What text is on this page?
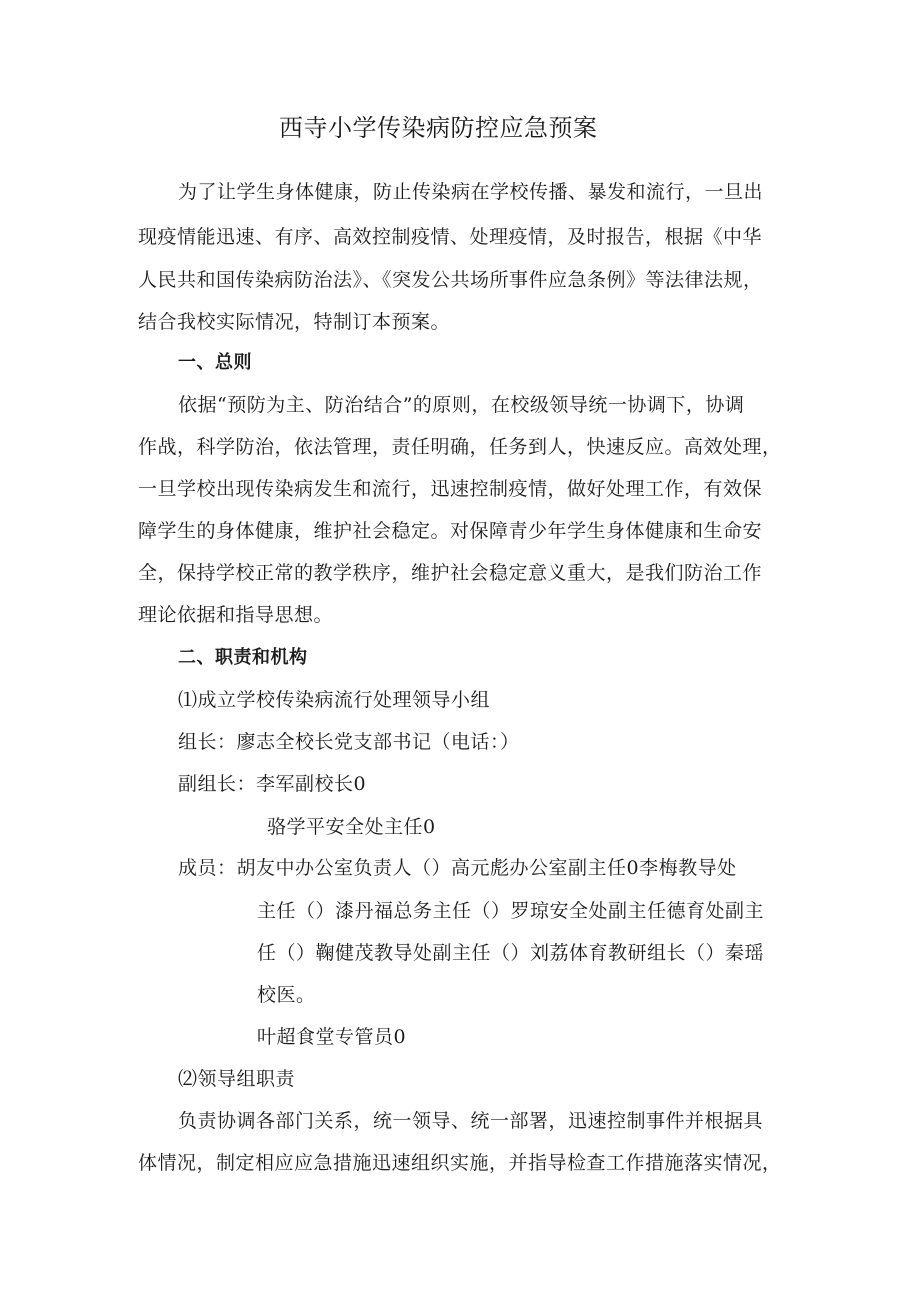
西寺小学传染病防控应急预案
为了让学生身体健康，防止传染病在学校传播、暴发和流行，一旦出
现疫情能迅速、有序、高效控制疫情、处理疫情，及时报告，根据《中华
人民共和国传染病防治法》、《突发公共场所事件应急条例》等法律法规，
结合我校实际情况，特制订本预案。
一、总则
依据“预防为主、防治结合”的原则，在校级领导统一协调下，协调
作战，科学防治，依法管理，责任明确，任务到人，快速反应。高效处理，
一旦学校出现传染病发生和流行，迅速控制疫情，做好处理工作，有效保
障学生的身体健康，维护社会稳定。对保障青少年学生身体健康和生命安
全，保持学校正常的教学秩序，维护社会稳定意义重大，是我们防治工作
理论依据和指导思想。
二、职责和机构
⑴成立学校传染病流行处理领导小组
组长：廖志全校长党支部书记（电话：）
副组长：李军副校长0
骆学平安全处主任0
成员：胡友中办公室负责人（）高元彪办公室副主任0李梅教导处
主任（）漆丹福总务主任（）罗琼安全处副主任德育处副主
任（）鞠健茂教导处副主任（）刘荔体育教研组长（）秦瑶
校医。
叶超食堂专管员0
⑵领导组职责
负责协调各部门关系，统一领导、统一部署，迅速控制事件并根据具
体情况，制定相应应急措施迅速组织实施，并指导检查工作措施落实情况，
